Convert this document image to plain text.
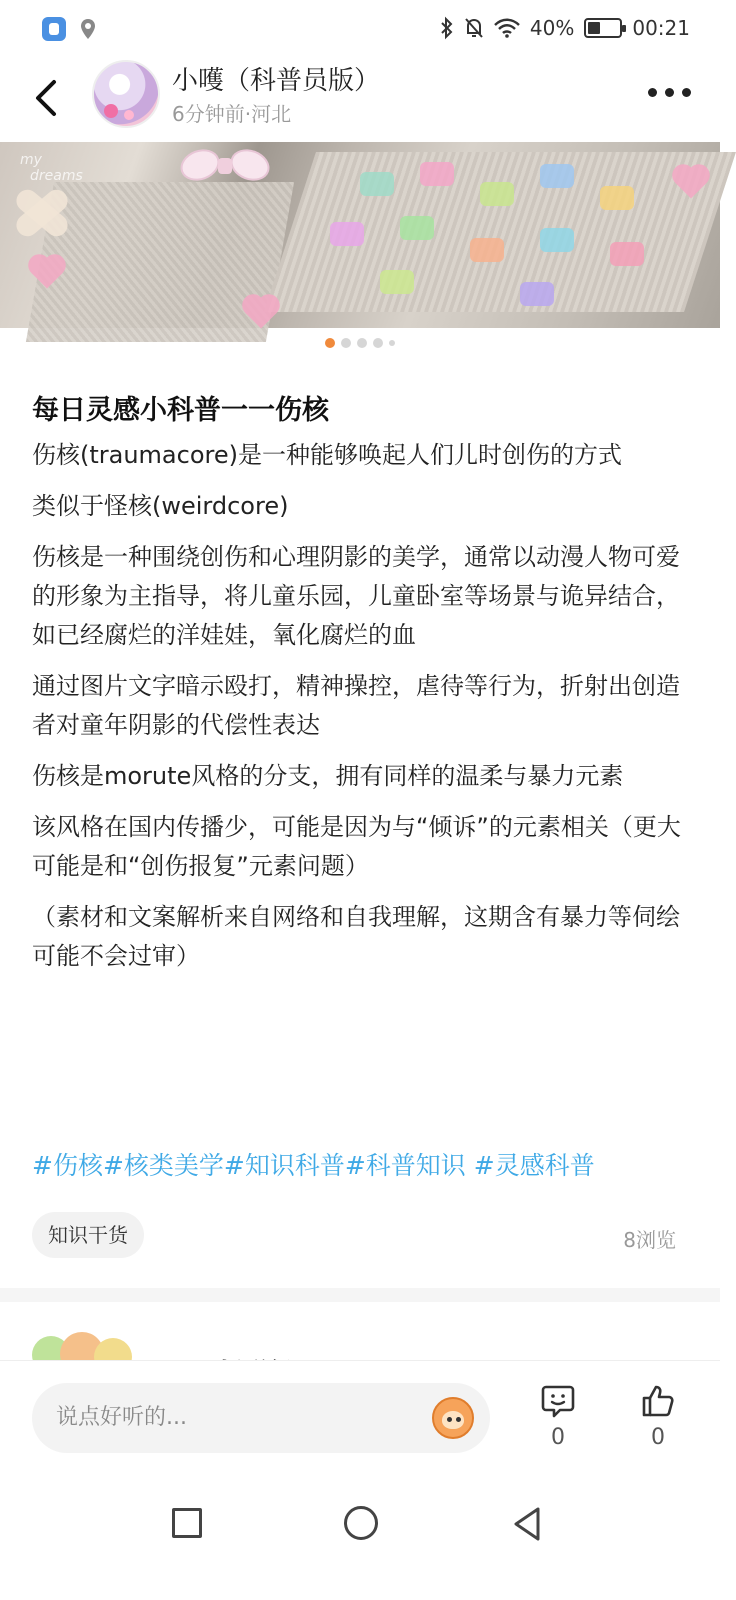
40%	00:21
小嚄（科普员版）
6分钟前·河北
my
dreams
每日灵感小科普一一伤核

伤核(traumacore)是一种能够唤起人们儿时创伤的方式

类似于怪核(weirdcore)

伤核是一种围绕创伤和心理阴影的美学，通常以动漫人物可爱的形象为主指导，将儿童乐园，儿童卧室等场景与诡异结合，如已经腐烂的洋娃娃，氧化腐烂的血

通过图片文字暗示殴打，精神操控，虐待等行为，折射出创造者对童年阴影的代偿性表达

伤核是morute风格的分支，拥有同样的温柔与暴力元素

该风格在国内传播少，可能是因为与“倾诉”的元素相关（更大可能是和“创伤报复”元素问题）

（素材和文案解析来自网络和自我理解，这期含有暴力等伺绘可能不会过审）

#伤核 #核类美学 #知识科普 #科普知识 #灵感科普
知识干货	8浏览
说点好听的...
0	0
